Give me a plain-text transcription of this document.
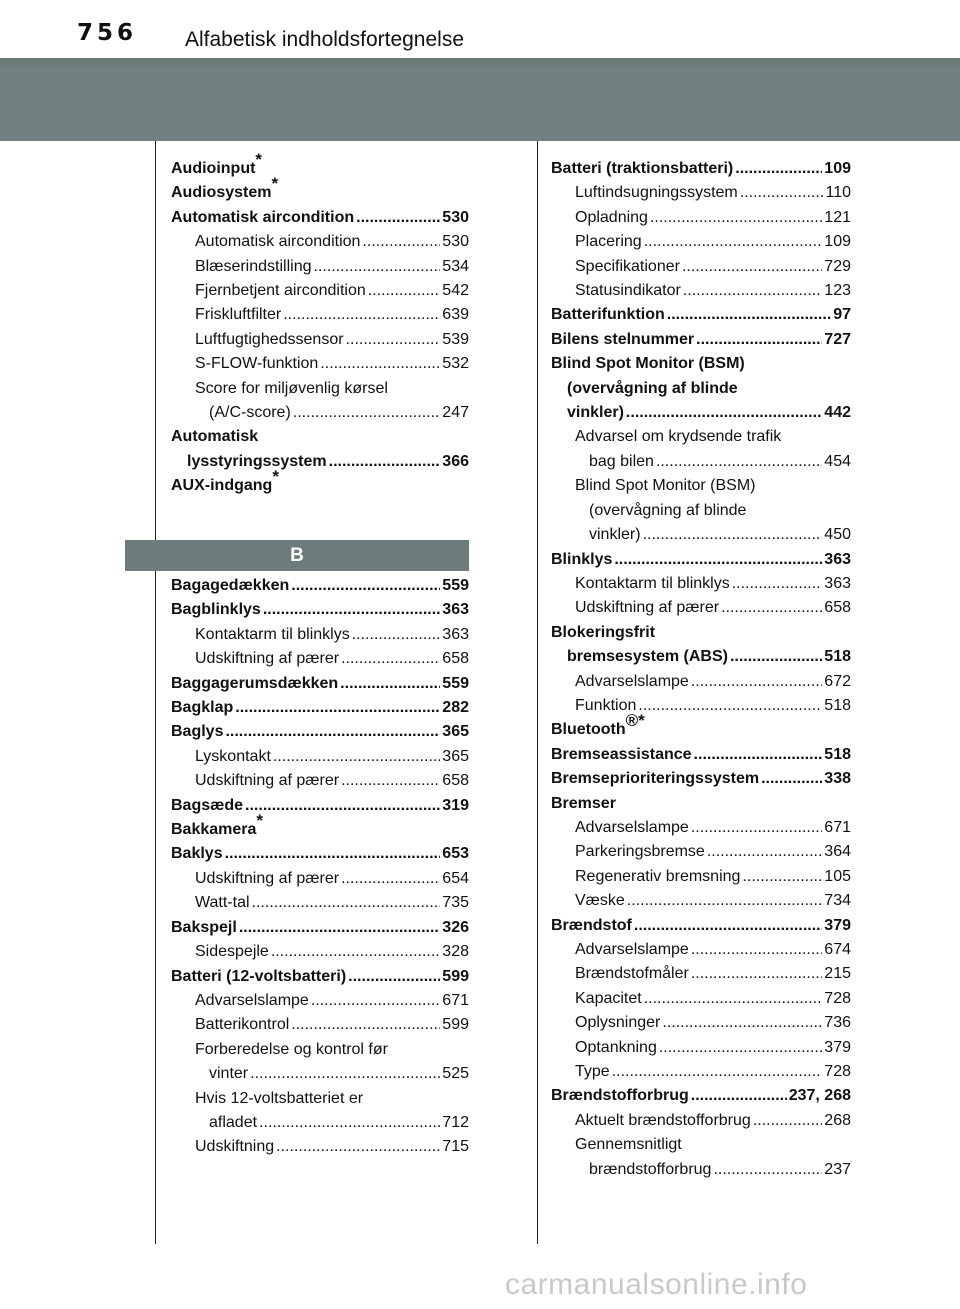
756 Alfabetisk indholdsfortegnelse
Audioinput*
Audiosystem*
Automatisk aircondition .....	530
Automatisk aircondition .....	530
Blæserindstilling .....	534
Fjernbetjent aircondition .....	542
Friskluftfilter .....	639
Luftfugtighedssensor .....	539
S-FLOW-funktion .....	532
Score for miljøvenlig kørsel
(A/C-score) .....	247
Automatisk
lysstyringssystem .....	366
AUX-indgang*
B
Bagagedækken .....	559
Bagblinklys .....	363
Kontaktarm til blinklys .....	363
Udskiftning af pærer .....	658
Baggagerumsdækken .....	559
Bagklap .....	282
Baglys .....	365
Lyskontakt .....	365
Udskiftning af pærer .....	658
Bagsæde .....	319
Bakkamera*
Baklys .....	653
Udskiftning af pærer .....	654
Watt-tal .....	735
Bakspejl .....	326
Sidespejle .....	328
Batteri (12-voltsbatteri) .....	599
Advarselslampe .....	671
Batterikontrol .....	599
Forberedelse og kontrol før
vinter .....	525
Hvis 12-voltsbatteriet er
afladet .....	712
Udskiftning .....	715
Batteri (traktionsbatteri) .....	109
Luftindsugningssystem .....	110
Opladning .....	121
Placering .....	109
Specifikationer .....	729
Statusindikator .....	123
Batterifunktion .....	97
Bilens stelnummer .....	727
Blind Spot Monitor (BSM)
(overvågning af blinde
vinkler) .....	442
Advarsel om krydsende trafik
bag bilen .....	454
Blind Spot Monitor (BSM)
(overvågning af blinde
vinkler) .....	450
Blinklys .....	363
Kontaktarm til blinklys .....	363
Udskiftning af pærer .....	658
Blokeringsfrit
bremsesystem (ABS) .....	518
Advarselslampe .....	672
Funktion .....	518
Bluetooth®*
Bremseassistance .....	518
Bremseprioriteringssystem .....	338
Bremser
Advarselslampe .....	671
Parkeringsbremse .....	364
Regenerativ bremsning .....	105
Væske .....	734
Brændstof .....	379
Advarselslampe .....	674
Brændstofmåler .....	215
Kapacitet .....	728
Oplysninger .....	736
Optankning .....	379
Type .....	728
Brændstofforbrug .....	237, 268
Aktuelt brændstofforbrug .....	268
Gennemsnitligt
brændstofforbrug .....	237
carmanualsonline.info
